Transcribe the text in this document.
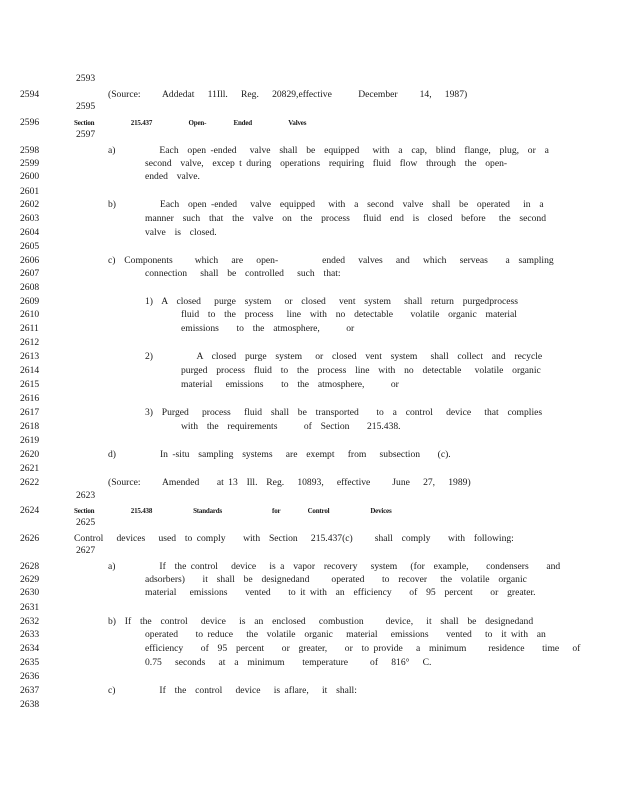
2593
2594	(Source:     Addedat   11Ill.   Reg.   20829,effective      December     14,   1987)
2595
2596	Section        215.437        Open-      Ended        Valves
2597
2598	a)          Each  open -ended   valve  shall  be  equipped   with  a  cap,  blind  flange,  plug,  or  a
2599	second  valve,  excep t during  operations  requiring  fluid  flow  through  the  open-
2600	ended  valve.
2601
2602	b)          Each  open -ended   valve  equipped   with  a  second  valve  shall  be  operated   in  a
2603	manner  such  that  the  valve  on  the  process   fluid  end  is  closed  before   the  second
2604	valve  is  closed.
2605
2606	c)  Components     which   are   open-          ended   valves   and   which   serveas    a  sampling
2607	connection   shall  be  controlled   such  that:
2608
2609	1)  A  closed   purge  system   or  closed   vent  system   shall  return  purgedprocess
2610	fluid  to  the  process   line  with  no  detectable    volatile  organic  material
2611	emissions    to  the  atmosphere,      or
2612
2613	2)          A  closed  purge  system   or  closed  vent  system   shall  collect  and  recycle
2614	purged  process  fluid  to  the  process  line  with  no  detectable   volatile  organic
2615	material   emissions    to  the  atmosphere,      or
2616
2617	3)  Purged   process   fluid  shall  be  transported    to  a  control   device   that  complies
2618	with  the  requirements      of  Section    215.438.
2619
2620	d)          In -situ  sampling  systems   are  exempt   from   subsection    (c).
2621
2622	(Source:     Amended    at 13  Ill.  Reg.   10893,   effective     June   27,   1989)
2623
2624	Section        215.438         Standards           for      Control         Devices
2625
2626	Control   devices   used  to comply    with  Section   215.437(c)     shall  comply    with  following:
2627
2628	a)          If  the control   device   is a  vapor  recovery   system   (for  example,    condensers    and
2629	adsorbers)    it  shall  be  designedand     operated    to  recover   the  volatile  organic
2630	material   emissions    vented    to it with  an  efficiency    of  95  percent    or  greater.
2631
2632	b)  If  the  control   device   is  an  enclosed   combustion     device,   it  shall  be  designedand
2633	operated    to reduce   the  volatile  organic   material   emissions    vented   to  it with  an
2634	efficiency    of  95  percent    or  greater,    or  to provide   a  minimum     residence    time   of
2635	0.75   seconds   at  a  minimum    temperature     of   816°   C.
2636
2637	c)          If  the  control   device   is aflare,   it  shall:
2638
